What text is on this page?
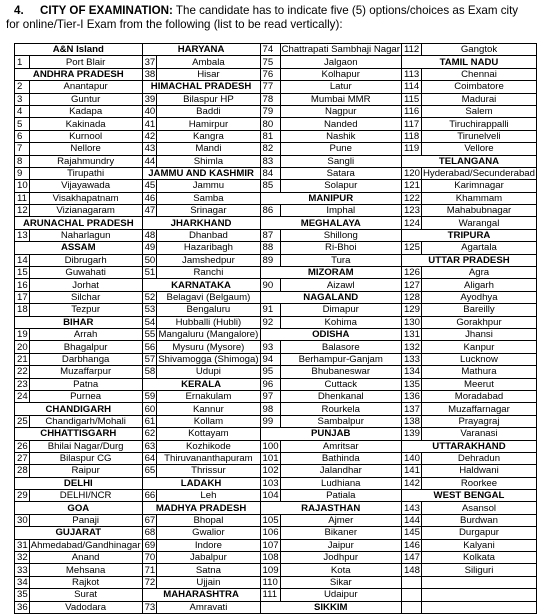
4. CITY OF EXAMINATION: The candidate has to indicate five (5) options/choices as Exam city
for online/Tier-I Exam from the following (list to be read vertically):
A&N Island		HARYANA		74	Chattrapati Sambhaji Nagar	112	Gangtok
1	Port Blair	37	Ambala	75	Jalgaon	TAMIL NADU	
ANDHRA PRADESH		38	Hisar	76	Kolhapur	113	Chennai
2	Anantapur	HIMACHAL PRADESH		77	Latur	114	Coimbatore
3	Guntur	39	Bilaspur HP	78	Mumbai MMR	115	Madurai
4	Kadapa	40	Baddi	79	Nagpur	116	Salem
5	Kakinada	41	Hamirpur	80	Nanded	117	Tiruchirappalli
6	Kurnool	42	Kangra	81	Nashik	118	Tirunelveli
7	Nellore	43	Mandi	82	Pune	119	Vellore
8	Rajahmundry	44	Shimla	83	Sangli	TELANGANA	
9	Tirupathi	JAMMU AND KASHMIR		84	Satara	120	Hyderabad/Secunderabad
10	Vijayawada	45	Jammu	85	Solapur	121	Karimnagar
11	Visakhapatnam	46	Samba	MANIPUR		122	Khammam
12	Vizianagaram	47	Srinagar	86	Imphal	123	Mahabubnagar
ARUNACHAL PRADESH		JHARKHAND		MEGHALAYA		124	Warangal
13	Naharlagun	48	Dhanbad	87	Shillong	TRIPURA	
ASSAM		49	Hazaribagh	88	Ri-Bhoi	125	Agartala
14	Dibrugarh	50	Jamshedpur	89	Tura	UTTAR PRADESH	
15	Guwahati	51	Ranchi	MIZORAM		126	Agra
16	Jorhat	KARNATAKA		90	Aizawl	127	Aligarh
17	Silchar	52	Belagavi (Belgaum)	NAGALAND		128	Ayodhya
18	Tezpur	53	Bengaluru	91	Dimapur	129	Bareilly
BIHAR		54	Hubballi (Hubli)	92	Kohima	130	Gorakhpur
19	Arrah	55	Mangaluru (Mangalore)	ODISHA		131	Jhansi
20	Bhagalpur	56	Mysuru (Mysore)	93	Balasore	132	Kanpur
21	Darbhanga	57	Shivamogga (Shimoga)	94	Berhampur-Ganjam	133	Lucknow
22	Muzaffarpur	58	Udupi	95	Bhubaneswar	134	Mathura
23	Patna	KERALA		96	Cuttack	135	Meerut
24	Purnea	59	Ernakulam	97	Dhenkanal	136	Moradabad
CHANDIGARH		60	Kannur	98	Rourkela	137	Muzaffarnagar
25	Chandigarh/Mohali	61	Kollam	99	Sambalpur	138	Prayagraj
CHHATTISGARH		62	Kottayam	PUNJAB		139	Varanasi
26	Bhilai Nagar/Durg	63	Kozhikode	100	Amritsar	UTTARAKHAND	
27	Bilaspur CG	64	Thiruvananthapuram	101	Bathinda	140	Dehradun
28	Raipur	65	Thrissur	102	Jalandhar	141	Haldwani
DELHI		LADAKH		103	Ludhiana	142	Roorkee
29	DELHI/NCR	66	Leh	104	Patiala	WEST BENGAL	
GOA		MADHYA PRADESH		RAJASTHAN		143	Asansol
30	Panaji	67	Bhopal	105	Ajmer	144	Burdwan
GUJARAT		68	Gwalior	106	Bikaner	145	Durgapur
31	Ahmedabad/Gandhinagar	69	Indore	107	Jaipur	146	Kalyani
32	Anand	70	Jabalpur	108	Jodhpur	147	Kolkata
33	Mehsana	71	Satna	109	Kota	148	Siliguri
34	Rajkot	72	Ujjain	110	Sikar		
35	Surat	MAHARASHTRA		111	Udaipur		
36	Vadodara	73	Amravati	SIKKIM			
